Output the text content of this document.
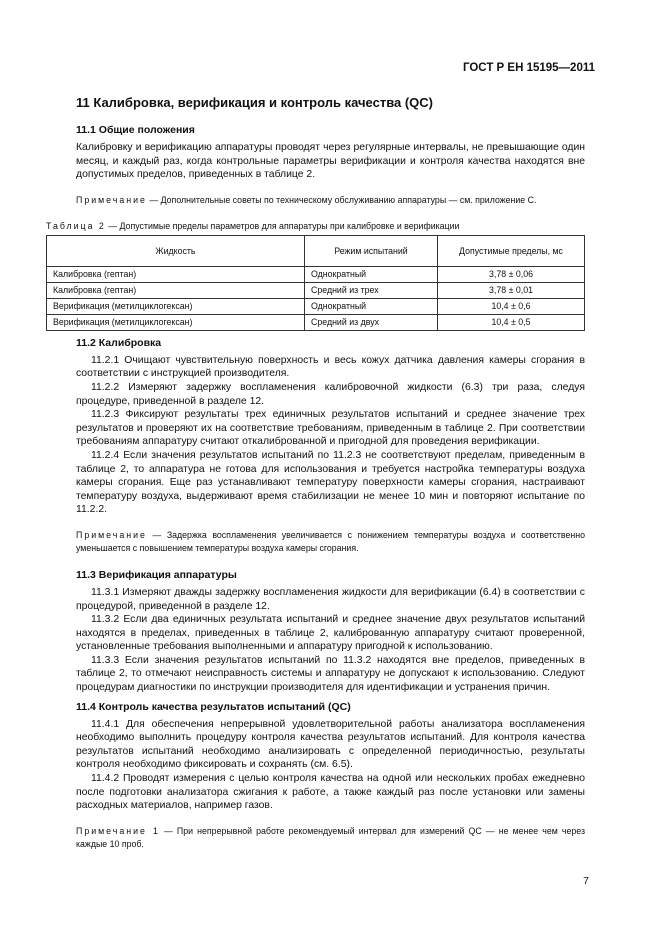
ГОСТ Р ЕН 15195—2011
11 Калибровка, верификация и контроль качества (QC)
11.1 Общие положения

Калибровку и верификацию аппаратуры проводят через регулярные интервалы, не превышающие один месяц, и каждый раз, когда контрольные параметры верификации и контроля качества находятся вне допустимых пределов, приведенных в таблице 2.

Примечание — Дополнительные советы по техническому обслуживанию аппаратуры — см. приложение С.
Таблица 2 — Допустимые пределы параметров для аппаратуры при калибровке и верификации
Жидкость	Режим испытаний	Допустимые пределы, мс
Калибровка (гептан)	Однократный	3,78 ± 0,06
Калибровка (гептан)	Средний из трех	3,78 ± 0,01
Верификация (метилциклогексан)	Однократный	10,4 ± 0,6
Верификация (метилциклогексан)	Средний из двух	10,4 ± 0,5
11.2 Калибровка

11.2.1 Очищают чувствительную поверхность и весь кожух датчика давления камеры сгорания в соответствии с инструкцией производителя.

11.2.2 Измеряют задержку воспламенения калибровочной жидкости (6.3) три раза, следуя процедуре, приведенной в разделе 12.

11.2.3 Фиксируют результаты трех единичных результатов испытаний и среднее значение трех результатов и проверяют их на соответствие требованиям, приведенным в таблице 2. При соответствии требованиям аппаратуру считают откалиброванной и пригодной для проведения верификации.

11.2.4 Если значения результатов испытаний по 11.2.3 не соответствуют пределам, приведенным в таблице 2, то аппаратура не готова для использования и требуется настройка температуры воздуха камеры сгорания. Еще раз устанавливают температуру поверхности камеры сгорания, настраивают температуру воздуха, выдерживают время стабилизации не менее 10 мин и повторяют испытание по 11.2.2.

Примечание — Задержка воспламенения увеличивается с понижением температуры воздуха и соответственно уменьшается с повышением температуры воздуха камеры сгорания.
11.3 Верификация аппаратуры

11.3.1 Измеряют дважды задержку воспламенения жидкости для верификации (6.4) в соответствии с процедурой, приведенной в разделе 12.

11.3.2 Если два единичных результата испытаний и среднее значение двух результатов испытаний находятся в пределах, приведенных в таблице 2, калиброванную аппаратуру считают проверенной, установленные требования выполненными и аппаратуру пригодной к использованию.

11.3.3 Если значения результатов испытаний по 11.3.2 находятся вне пределов, приведенных в таблице 2, то отмечают неисправность системы и аппаратуру не допускают к использованию. Следуют процедурам диагностики по инструкции производителя для идентификации и устранения причин.

11.4 Контроль качества результатов испытаний (QC)

11.4.1 Для обеспечения непрерывной удовлетворительной работы анализатора воспламенения необходимо выполнить процедуру контроля качества результатов испытаний. Для контроля качества результатов испытаний необходимо анализировать с определенной периодичностью, результаты контроля необходимо фиксировать и сохранять (см. 6.5).

11.4.2 Проводят измерения с целью контроля качества на одной или нескольких пробах ежедневно после подготовки анализатора сжигания к работе, а также каждый раз после установки или замены расходных материалов, например газов.

Примечание 1 — При непрерывной работе рекомендуемый интервал для измерений QC — не менее чем через каждые 10 проб.
7
